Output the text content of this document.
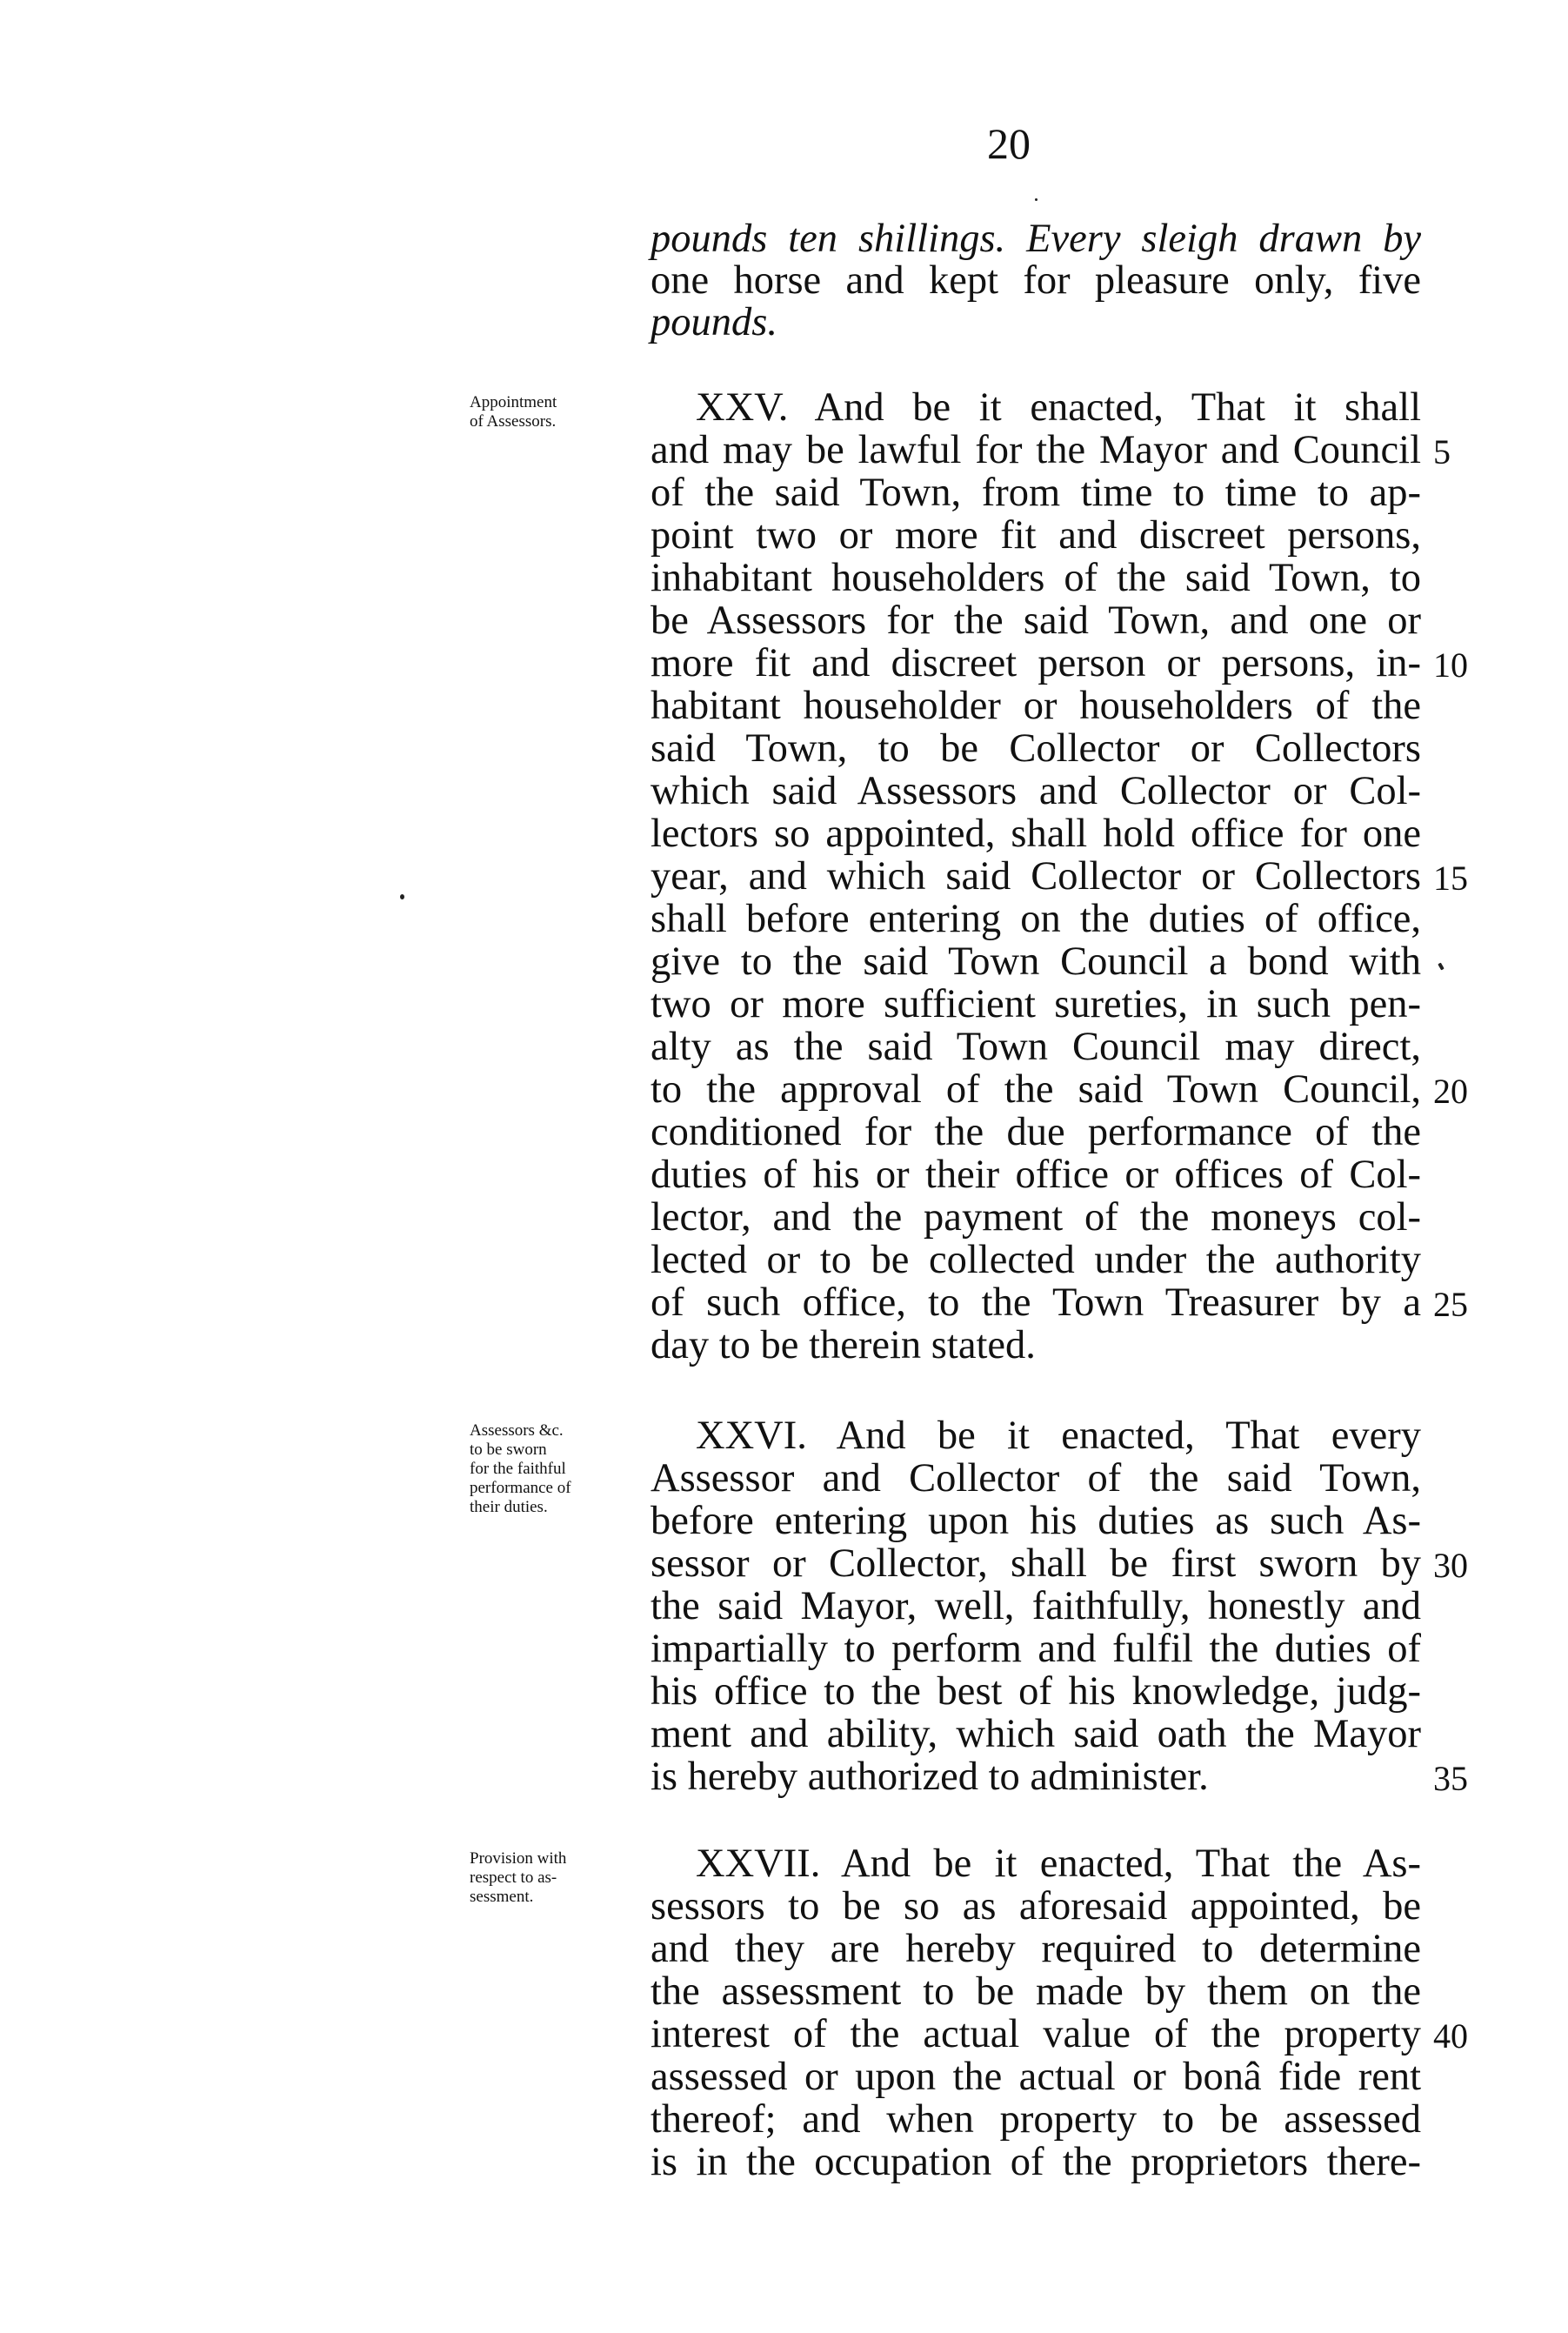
20
pounds ten shillings. Every sleigh drawn by
one horse and kept for pleasure only, five
pounds.
Appointment
of Assessors.	XXV. And be it enacted, That it shall
and may be lawful for the Mayor and Council
of the said Town, from time to time to ap-
point two or more fit and discreet persons,
inhabitant householders of the said Town, to
be Assessors for the said Town, and one or
more fit and discreet person or persons, in-
habitant householder or householders of the
said Town, to be Collector or Collectors
which said Assessors and Collector or Col-
lectors so appointed, shall hold office for one
year, and which said Collector or Collectors
shall before entering on the duties of office,
give to the said Town Council a bond with
two or more sufficient sureties, in such pen-
alty as the said Town Council may direct,
to the approval of the said Town Council,
conditioned for the due performance of the
duties of his or their office or offices of Col-
lector, and the payment of the moneys col-
lected or to be collected under the authority
of such office, to the Town Treasurer by a
day to be therein stated.
Assessors &c.
to be sworn
for the faithful
performance of
their duties.
XXVI. And be it enacted, That every
Assessor and Collector of the said Town,
before entering upon his duties as such As-
sessor or Collector, shall be first sworn by
the said Mayor, well, faithfully, honestly and
impartially to perform and fulfil the duties of
his office to the best of his knowledge, judg-
ment and ability, which said oath the Mayor
is hereby authorized to administer.
Provision with
respect to as-
sessment.
XXVII. And be it enacted, That the As-
sessors to be so as aforesaid appointed, be
and they are hereby required to determine
the assessment to be made by them on the
interest of the actual value of the property
assessed or upon the actual or bonâ fide rent
thereof; and when property to be assessed
is in the occupation of the proprietors there-
5
10
15
20
25
30
35
40
